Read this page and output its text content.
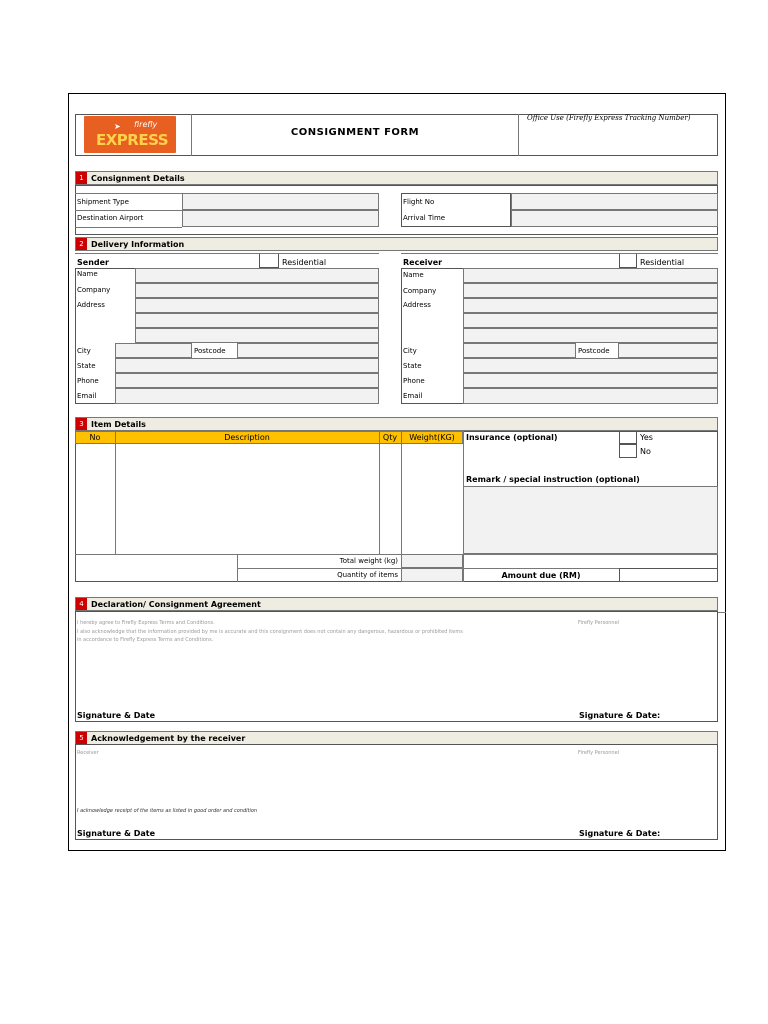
➤ firefly
EXPRESS	CONSIGNMENT FORM
Office Use (Firefly Express Tracking Number)
1 Consignment Details
Shipment Type
Destination Airport
Flight No
Arrival Time
2 Delivery Information
Sender	Residential
Name
Company
Address
City	Postcode
State
Phone
Email
Receiver	Residential
Name
Company
Address
City	Postcode
State
Phone
Email
3 Item Details
No	Description	Qty	Weight(KG)
Total weight (kg)
Quantity of items
Insurance (optional)	Yes
No
Remark / special instruction (optional)
Amount due (RM)
4 Declaration/ Consignment Agreement
I hereby agree to Firefly Express Terms and Conditions.
I also acknowledge that the information provided by me is accurate and this consignment does not contain any dangerous, hazardous or prohibited items
in accordance to Firefly Express Terms and Conditions.
Firefly Personnel
Signature & Date	Signature & Date:
5 Acknowledgement by the receiver
Receiver	Firefly Personnel
I acknowledge receipt of the items as listed in good order and condition
Signature & Date	Signature & Date:
